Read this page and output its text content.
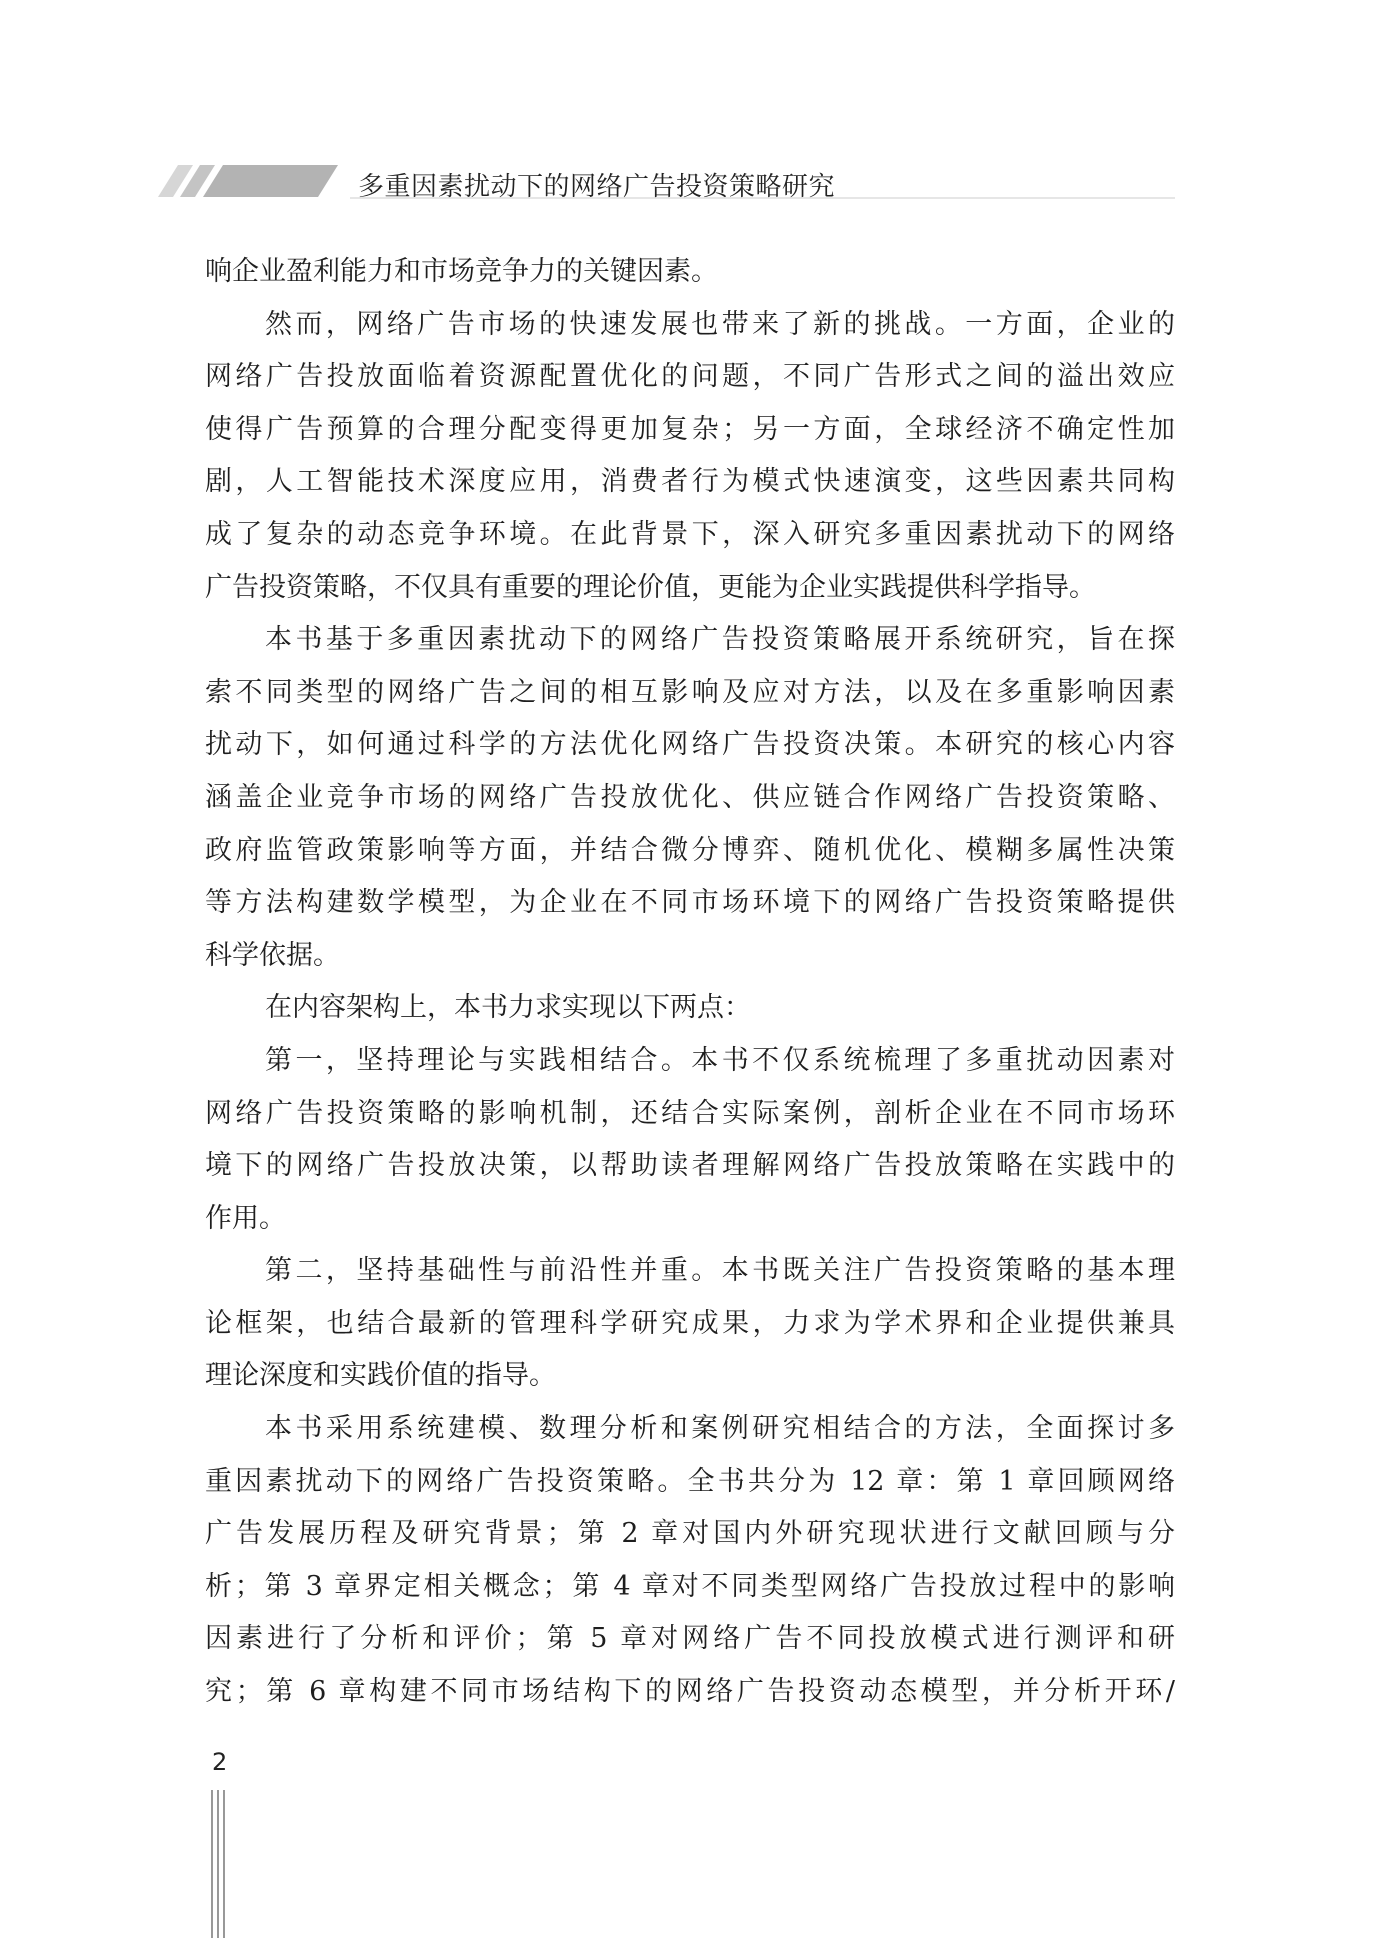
多重因素扰动下的网络广告投资策略研究
响企业盈利能力和市场竞争力的关键因素。
然而，网络广告市场的快速发展也带来了新的挑战。一方面，企业的
网络广告投放面临着资源配置优化的问题，不同广告形式之间的溢出效应
使得广告预算的合理分配变得更加复杂；另一方面，全球经济不确定性加
剧，人工智能技术深度应用，消费者行为模式快速演变，这些因素共同构
成了复杂的动态竞争环境。在此背景下，深入研究多重因素扰动下的网络
广告投资策略，不仅具有重要的理论价值，更能为企业实践提供科学指导。
本书基于多重因素扰动下的网络广告投资策略展开系统研究，旨在探
索不同类型的网络广告之间的相互影响及应对方法，以及在多重影响因素
扰动下，如何通过科学的方法优化网络广告投资决策。本研究的核心内容
涵盖企业竞争市场的网络广告投放优化、供应链合作网络广告投资策略、
政府监管政策影响等方面，并结合微分博弈、随机优化、模糊多属性决策
等方法构建数学模型，为企业在不同市场环境下的网络广告投资策略提供
科学依据。
在内容架构上，本书力求实现以下两点：
第一，坚持理论与实践相结合。本书不仅系统梳理了多重扰动因素对
网络广告投资策略的影响机制，还结合实际案例，剖析企业在不同市场环
境下的网络广告投放决策，以帮助读者理解网络广告投放策略在实践中的
作用。
第二，坚持基础性与前沿性并重。本书既关注广告投资策略的基本理
论框架，也结合最新的管理科学研究成果，力求为学术界和企业提供兼具
理论深度和实践价值的指导。
本书采用系统建模、数理分析和案例研究相结合的方法，全面探讨多
重因素扰动下的网络广告投资策略。全书共分为 12 章：第 1 章回顾网络
广告发展历程及研究背景；第 2 章对国内外研究现状进行文献回顾与分
析；第 3 章界定相关概念；第 4 章对不同类型网络广告投放过程中的影响
因素进行了分析和评价；第 5 章对网络广告不同投放模式进行测评和研
究；第 6 章构建不同市场结构下的网络广告投资动态模型，并分析开环/
2
